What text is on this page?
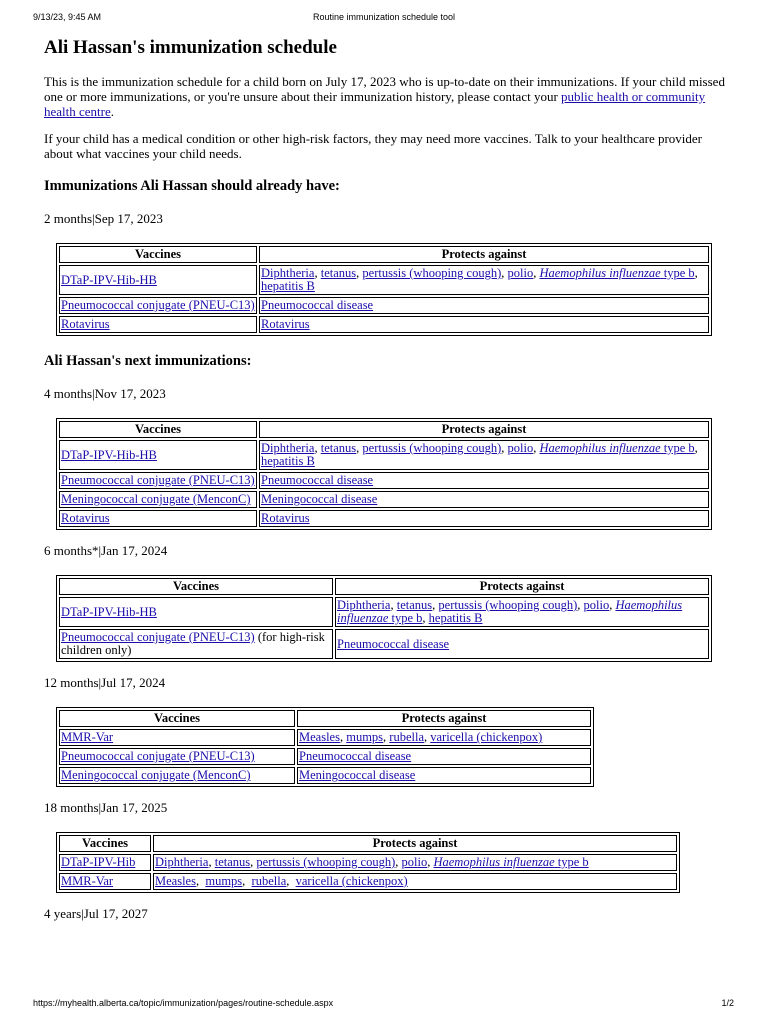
9/13/23, 9:45 AM	Routine immunization schedule tool
Ali Hassan's immunization schedule

This is the immunization schedule for a child born on July 17, 2023 who is up-to-date on their immunizations. If your child missed one or more immunizations, or you're unsure about their immunization history, please contact your public health or community health centre.

If your child has a medical condition or other high-risk factors, they may need more vaccines. Talk to your healthcare provider about what vaccines your child needs.

Immunizations Ali Hassan should already have:
2 months|Sep 17, 2023
Vaccines	Protects against
DTaP-IPV-Hib-HB	Diphtheria, tetanus, pertussis (whooping cough), polio, Haemophilus influenzae type b, hepatitis B
Pneumococcal conjugate (PNEU-C13)	Pneumococcal disease
Rotavirus	Rotavirus
Ali Hassan's next immunizations:
4 months|Nov 17, 2023
Vaccines	Protects against
DTaP-IPV-Hib-HB	Diphtheria, tetanus, pertussis (whooping cough), polio, Haemophilus influenzae type b, hepatitis B
Pneumococcal conjugate (PNEU-C13)	Pneumococcal disease
Meningococcal conjugate (MenconC)	Meningococcal disease
Rotavirus	Rotavirus
6 months*|Jan 17, 2024
Vaccines	Protects against
DTaP-IPV-Hib-HB	Diphtheria, tetanus, pertussis (whooping cough), polio, Haemophilus influenzae type b, hepatitis B
Pneumococcal conjugate (PNEU-C13) (for high-risk children only)	Pneumococcal disease
12 months|Jul 17, 2024
Vaccines	Protects against
MMR-Var	Measles, mumps, rubella, varicella (chickenpox)
Pneumococcal conjugate (PNEU-C13)	Pneumococcal disease
Meningococcal conjugate (MenconC)	Meningococcal disease
18 months|Jan 17, 2025
Vaccines	Protects against
DTaP-IPV-Hib	Diphtheria, tetanus, pertussis (whooping cough), polio, Haemophilus influenzae type b
MMR-Var	Measles,  mumps,  rubella,  varicella (chickenpox)
4 years|Jul 17, 2027
https://myhealth.alberta.ca/topic/immunization/pages/routine-schedule.aspx	1/2
